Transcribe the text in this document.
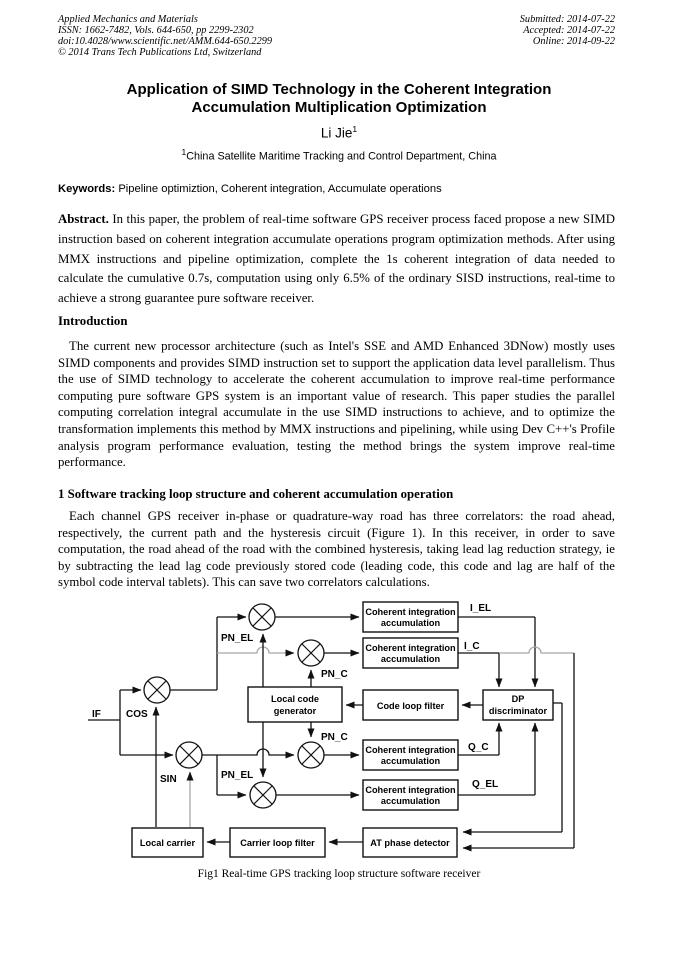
Applied Mechanics and Materials
ISSN: 1662-7482, Vols. 644-650, pp 2299-2302
doi:10.4028/www.scientific.net/AMM.644-650.2299
© 2014 Trans Tech Publications Ltd, Switzerland
Submitted: 2014-07-22
Accepted: 2014-07-22
Online: 2014-09-22
Application of SIMD Technology in the Coherent Integration
Accumulation Multiplication Optimization
Li Jie$^1$
$^1$China Satellite Maritime Tracking and Control Department, China
Keywords: Pipeline optimiztion, Coherent integration, Accumulate operations
Abstract. In this paper, the problem of real-time software GPS receiver process faced propose a new SIMD instruction based on coherent integration accumulate operations program optimization methods. After using MMX instructions and pipeline optimization, complete the 1s coherent integration of data needed to calculate the cumulative 0.7s, computation using only 6.5% of the ordinary SISD instructions, real-time to achieve a strong guarantee pure software receiver.
Introduction
The current new processor architecture (such as Intel's SSE and AMD Enhanced 3DNow) mostly uses SIMD components and provides SIMD instruction set to support the application data level parallelism. Thus the use of SIMD technology to accelerate the coherent accumulation to improve real-time performance computing pure software GPS system is an important value of research. This paper studies the parallel computing correlation integral accumulate in the use SIMD instructions to achieve, and to optimize the transformation implements this method by MMX instructions and pipelining, while using Dev C++'s Profile analysis program performance evaluation, testing the method brings the system improve real-time performance.
1 Software tracking loop structure and coherent accumulation operation
Each channel GPS receiver in-phase or quadrature-way road has three correlators: the road ahead, respectively, the current path and the hysteresis circuit (Figure 1). In this receiver, in order to save computation, the road ahead of the road with the combined hysteresis, taking lead lag reduction strategy, ie by subtracting the lead lag code previously stored code (leading code, this code and lag are half of the symbol code interval tablets). This can save two correlators calculations.
Coherent integration
accumulation
Coherent integration
accumulation
Coherent integration
accumulation
Coherent integration
accumulation
Local code
generator	Code loop filter
DP
discriminator
Local carrier	Carrier loop filter	AT phase detector
IF	COS
SIN
PN_EL
PN_C
PN_C
PN_EL
I_EL
I_C
Q_C
Q_EL
Fig1 Real-time GPS tracking loop structure software receiver
